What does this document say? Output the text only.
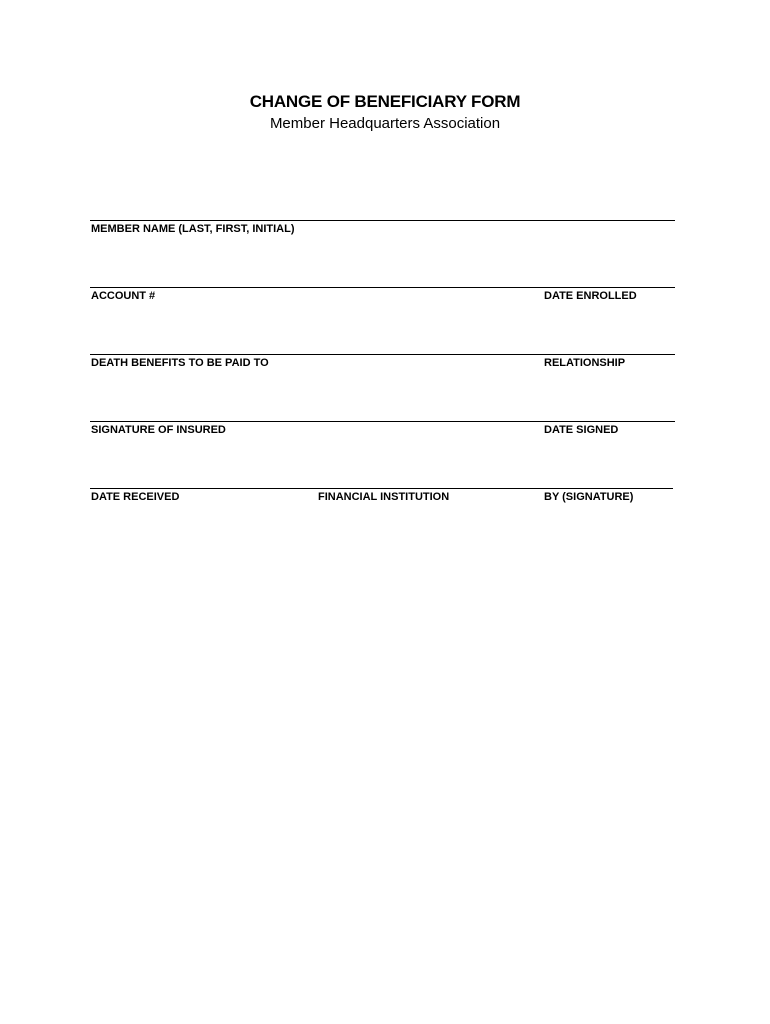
CHANGE OF BENEFICIARY FORM
Member Headquarters Association
MEMBER NAME (LAST, FIRST, INITIAL)
ACCOUNT #	DATE ENROLLED
DEATH BENEFITS TO BE PAID TO	RELATIONSHIP
SIGNATURE OF INSURED	DATE SIGNED
DATE RECEIVED	FINANCIAL INSTITUTION	BY (SIGNATURE)
